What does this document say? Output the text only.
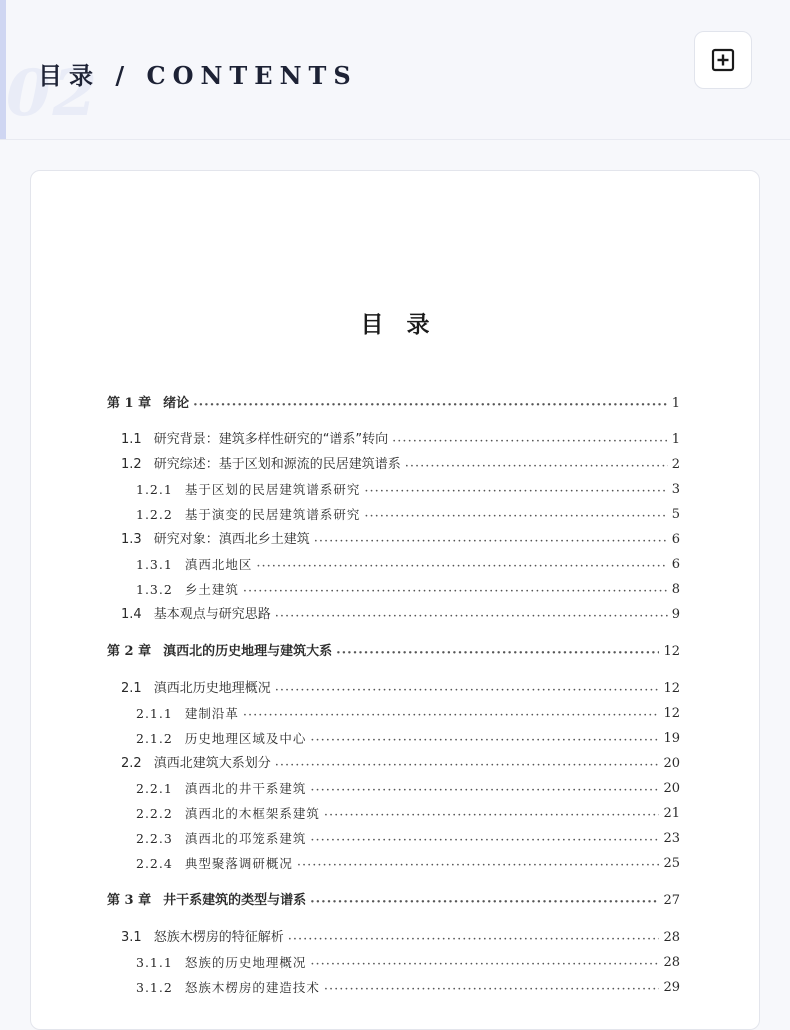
02
目录 / CONTENTS
目　录
第 1 章 绪论 ·····	1
1.1 研究背景：建筑多样性研究的“谱系”转向 ·····	1
1.2 研究综述：基于区划和源流的民居建筑谱系 ·····	2
1.2.1 基于区划的民居建筑谱系研究 ·····	3
1.2.2 基于演变的民居建筑谱系研究 ·····	5
1.3 研究对象：滇西北乡土建筑 ·····	6
1.3.1 滇西北地区 ·····	6
1.3.2 乡土建筑 ·····	8
1.4 基本观点与研究思路 ·····	9
第 2 章 滇西北的历史地理与建筑大系 ·····	12
2.1 滇西北历史地理概况 ·····	12
2.1.1 建制沿革 ·····	12
2.1.2 历史地理区域及中心 ·····	19
2.2 滇西北建筑大系划分 ·····	20
2.2.1 滇西北的井干系建筑 ·····	20
2.2.2 滇西北的木框架系建筑 ·····	21
2.2.3 滇西北的邛笼系建筑 ·····	23
2.2.4 典型聚落调研概况 ·····	25
第 3 章 井干系建筑的类型与谱系 ·····	27
3.1 怒族木楞房的特征解析 ·····	28
3.1.1 怒族的历史地理概况 ·····	28
3.1.2 怒族木楞房的建造技术 ·····	29
